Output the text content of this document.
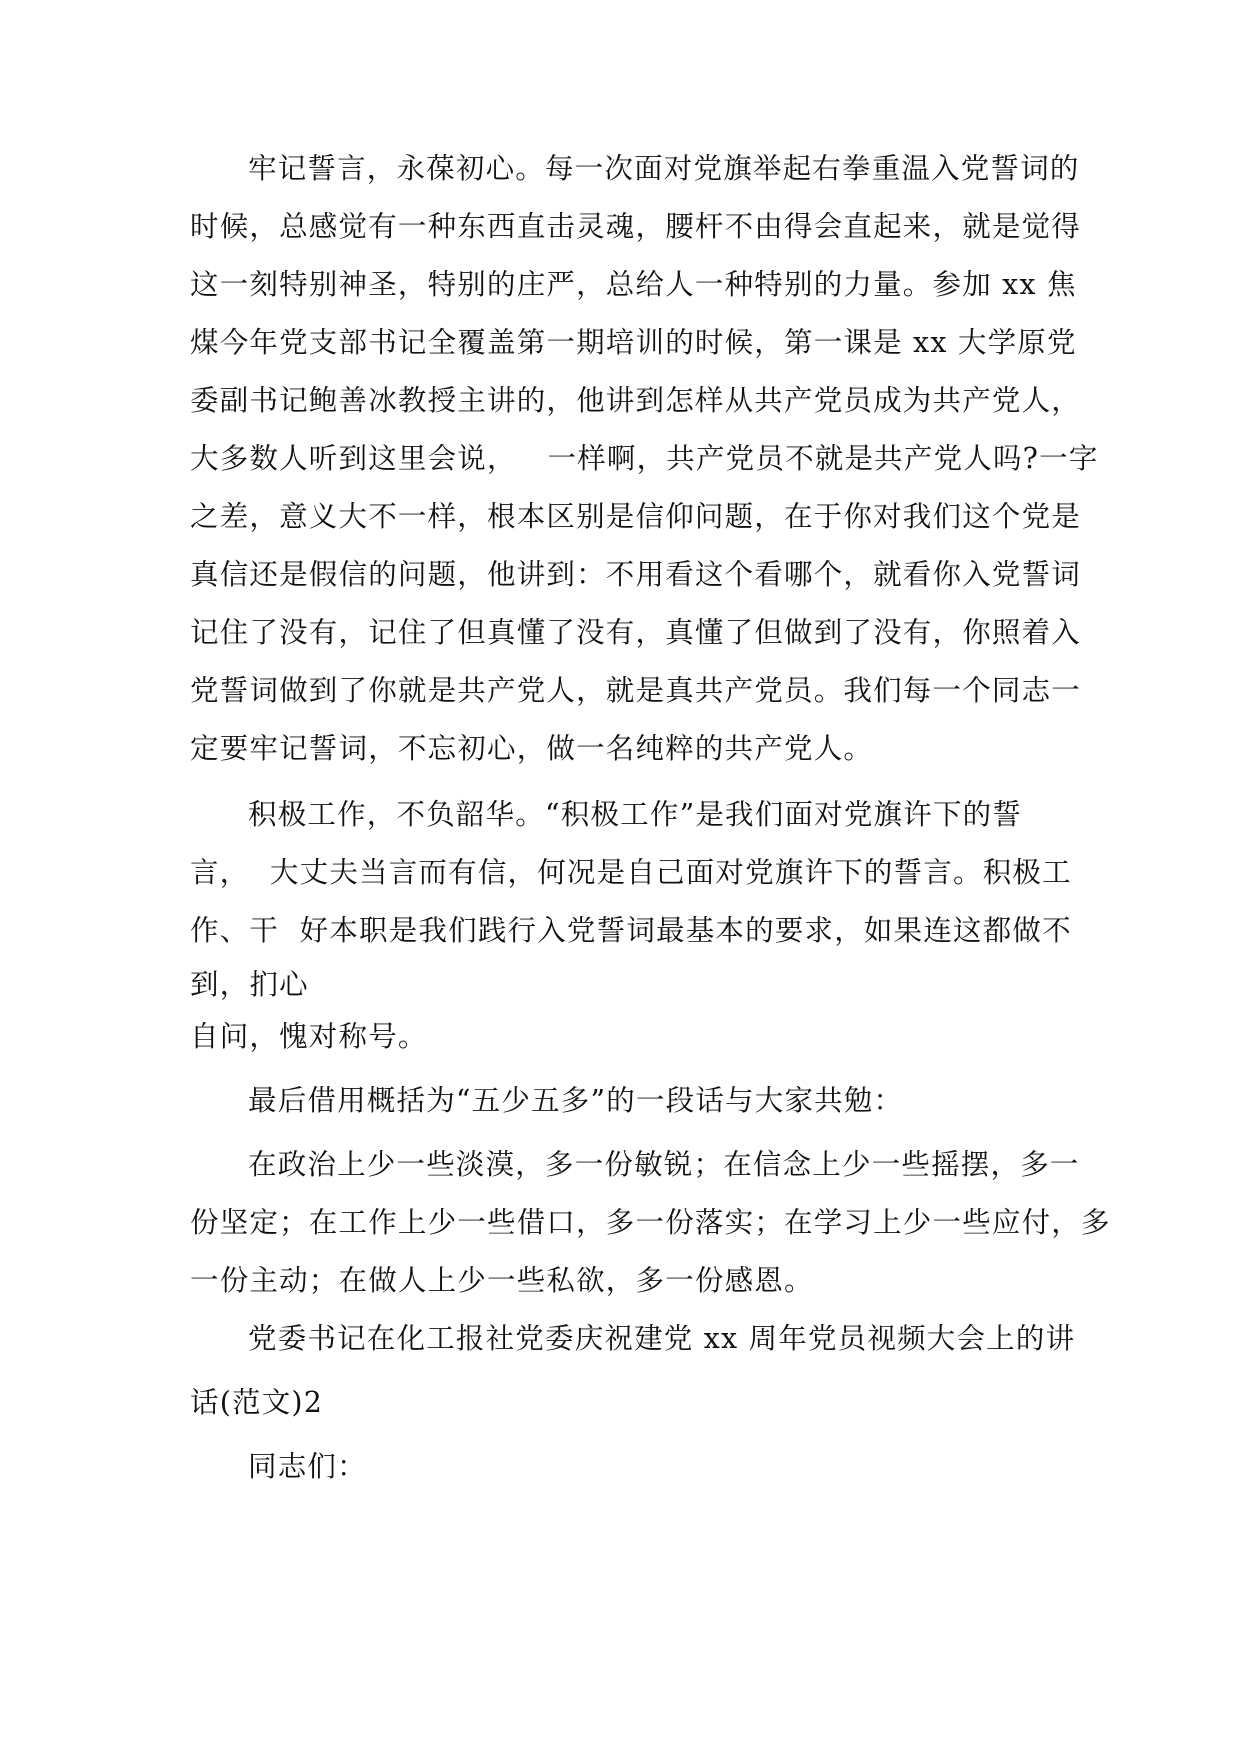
牢记誓言，永葆初心。每一次面对党旗举起右拳重温入党誓词的
时候，总感觉有一种东西直击灵魂，腰杆不由得会直起来，就是觉得
这一刻特别神圣，特别的庄严，总给人一种特别的力量。参加 xx 焦
煤今年党支部书记全覆盖第一期培训的时候，第一课是 xx 大学原党
委副书记鲍善冰教授主讲的，他讲到怎样从共产党员成为共产党人，
大多数人听到这里会说，   一样啊，共产党员不就是共产党人吗?一字
之差，意义大不一样，根本区别是信仰问题，在于你对我们这个党是
真信还是假信的问题，他讲到：不用看这个看哪个，就看你入党誓词
记住了没有，记住了但真懂了没有，真懂了但做到了没有，你照着入
党誓词做到了你就是共产党人，就是真共产党员。我们每一个同志一
定要牢记誓词，不忘初心，做一名纯粹的共产党人。
积极工作，不负韶华。“积极工作”是我们面对党旗许下的誓
言，  大丈夫当言而有信，何况是自己面对党旗许下的誓言。积极工
作、干  好本职是我们践行入党誓词最基本的要求，如果连这都做不
到，扪心
自问，愧对称号。
最后借用概括为“五少五多”的一段话与大家共勉：
在政治上少一些淡漠，多一份敏锐；在信念上少一些摇摆，多一
份坚定；在工作上少一些借口，多一份落实；在学习上少一些应付，多
一份主动；在做人上少一些私欲，多一份感恩。
党委书记在化工报社党委庆祝建党 xx 周年党员视频大会上的讲
话(范文)2
同志们：
